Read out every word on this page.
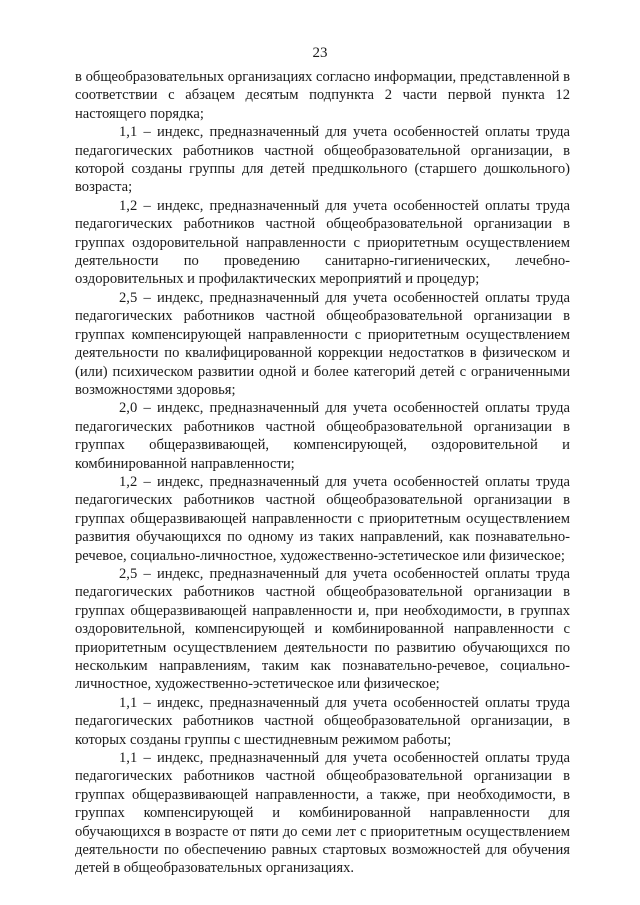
23

в общеобразовательных организациях согласно информации, представленной в соответствии с абзацем десятым подпункта 2 части первой пункта 12 настоящего порядка;

1,1 – индекс, предназначенный для учета особенностей оплаты труда педагогических работников частной общеобразовательной организации, в которой созданы группы для детей предшкольного (старшего дошкольного) возраста;

1,2 – индекс, предназначенный для учета особенностей оплаты труда педагогических работников частной общеобразовательной организации в группах оздоровительной направленности с приоритетным осуществлением деятельности по проведению санитарно-гигиенических, лечебно-оздоровительных и профилактических мероприятий и процедур;

2,5 – индекс, предназначенный для учета особенностей оплаты труда педагогических работников частной общеобразовательной организации в группах компенсирующей направленности с приоритетным осуществлением деятельности по квалифицированной коррекции недостатков в физическом и (или) психическом развитии одной и более категорий детей с ограниченными возможностями здоровья;

2,0 – индекс, предназначенный для учета особенностей оплаты труда педагогических работников частной общеобразовательной организации в группах общеразвивающей, компенсирующей, оздоровительной и комбинированной направленности;

1,2 – индекс, предназначенный для учета особенностей оплаты труда педагогических работников частной общеобразовательной организации в группах общеразвивающей направленности с приоритетным осуществлением развития обучающихся по одному из таких направлений, как познавательно-речевое, социально-личностное, художественно-эстетическое или физическое;

2,5 – индекс, предназначенный для учета особенностей оплаты труда педагогических работников частной общеобразовательной организации в группах общеразвивающей направленности и, при необходимости, в группах оздоровительной, компенсирующей и комбинированной направленности с приоритетным осуществлением деятельности по развитию обучающихся по нескольким направлениям, таким как познавательно-речевое, социально-личностное, художественно-эстетическое или физическое;

1,1 – индекс, предназначенный для учета особенностей оплаты труда педагогических работников частной общеобразовательной организации, в которых созданы группы с шестидневным режимом работы;

1,1 – индекс, предназначенный для учета особенностей оплаты труда педагогических работников частной общеобразовательной организации в группах общеразвивающей направленности, а также, при необходимости, в группах компенсирующей и комбинированной направленности для обучающихся в возрасте от пяти до семи лет с приоритетным осуществлением деятельности по обеспечению равных стартовых возможностей для обучения детей в общеобразовательных организациях.
